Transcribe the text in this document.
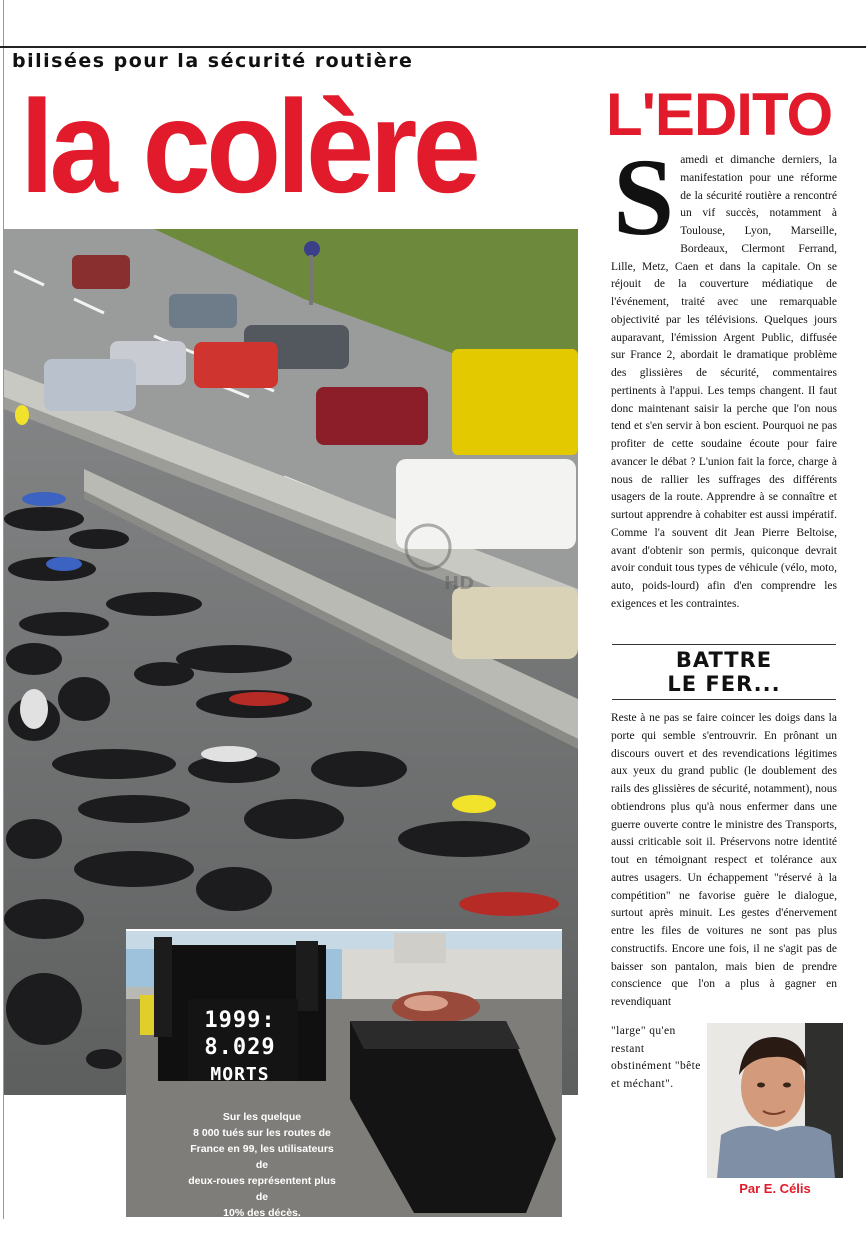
bilisées pour la sécurité routière
la colère L'EDITO
HD
1999:
8.029
MORTS
Sur les quelque
8 000 tués sur les routes de
France en 99, les utilisateurs de
deux-roues représentent plus de
10% des décès.
Trop, beaucoup trop...
S amedi et dimanche derniers, la manifestation pour une réforme de la sécurité routière a rencontré un vif succès, notamment à Toulouse, Lyon, Marseille, Bordeaux, Clermont Ferrand, Lille, Metz, Caen et dans la capitale. On se réjouit de la couverture médiatique de l'événement, traité avec une remarquable objectivité par les télévisions. Quelques jours auparavant, l'émission Argent Public, diffusée sur France 2, abordait le dramatique problème des glissières de sécurité, commentaires pertinents à l'appui. Les temps changent. Il faut donc maintenant saisir la perche que l'on nous tend et s'en servir à bon escient. Pourquoi ne pas profiter de cette soudaine écoute pour faire avancer le débat ? L'union fait la force, charge à nous de rallier les suffrages des différents usagers de la route. Apprendre à se connaître et surtout apprendre à cohabiter est aussi impératif. Comme l'a souvent dit Jean Pierre Beltoise, avant d'obtenir son permis, quiconque devrait avoir conduit tous types de véhicule (vélo, moto, auto, poids-lourd) afin d'en comprendre les exigences et les contraintes.
BATTRE
LE FER...
Reste à ne pas se faire coincer les doigs dans la porte qui semble s'entrouvrir. En prônant un discours ouvert et des revendications légitimes aux yeux du grand public (le doublement des rails des glissières de sécurité, notamment), nous obtiendrons plus qu'à nous enfermer dans une guerre ouverte contre le ministre des Transports, aussi criticable soit il. Préservons notre identité tout en témoignant respect et tolérance aux autres usagers. Un échappement "réservé à la compétition" ne favorise guère le dialogue, surtout après minuit. Les gestes d'énervement entre les files de voitures ne sont pas plus constructifs. Encore une fois, il ne s'agit pas de baisser son pantalon, mais bien de prendre conscience que l'on a plus à gagner en revendiquant
"large" qu'en restant obstinément "bête et méchant".
Par E. Célis
